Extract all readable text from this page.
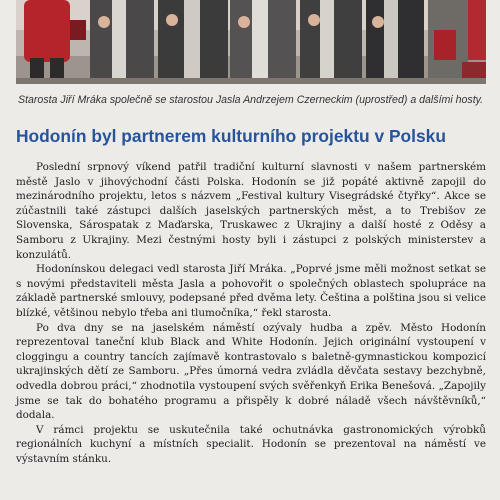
Starosta Jiří Mráka společně se starostou Jasla Andrzejem Czerneckim (uprostřed) a dalšími hosty.
Hodonín byl partnerem kulturního projektu v Polsku

Poslední srpnový víkend patřil tradiční kulturní slavnosti v našem partnerském městě Jaslo v jihovýchodní části Polska. Hodonín se již popáté aktivně zapojil do mezinárodního projektu, letos s názvem „Festival kultury Visegrádské čtyřky“. Akce se zúčastnili také zástupci dalších jaselských partnerských měst, a to Trebišov ze Slovenska, Sárospatak z Maďarska, Truskawec z Ukrajiny a další hosté z Oděsy a Samboru z Ukrajiny. Mezi čestnými hosty byli i zástupci z polských ministerstev a konzulátů.

Hodonínskou delegaci vedl starosta Jiří Mráka. „Poprvé jsme měli možnost setkat se s novými představiteli města Jasla a pohovořit o společných oblastech spolupráce na základě partnerské smlouvy, podepsané před dvěma lety. Čeština a polština jsou si velice blízké, většinou nebylo třeba ani tlumočníka,“ řekl starosta.

Po dva dny se na jaselském náměstí ozývaly hudba a zpěv. Město Hodonín reprezentoval taneční klub Black and White Hodonín. Jejich originální vystoupení v cloggingu a country tancích zajímavě kontrastovalo s baletně-gymnastickou kompozicí ukrajinských dětí ze Samboru. „Přes úmorná vedra zvládla děvčata sestavy bezchybně, odvedla dobrou práci,“ zhodnotila vystoupení svých svěřenkyň Erika Benešová. „Zapojily jsme se tak do bohatého programu a přispěly k dobré náladě všech návštěvníků,“ dodala.

V rámci projektu se uskutečnila také ochutnávka gastronomických výrobků regionálních kuchyní a místních specialit. Hodonín se prezentoval na náměstí ve výstavním stánku.
